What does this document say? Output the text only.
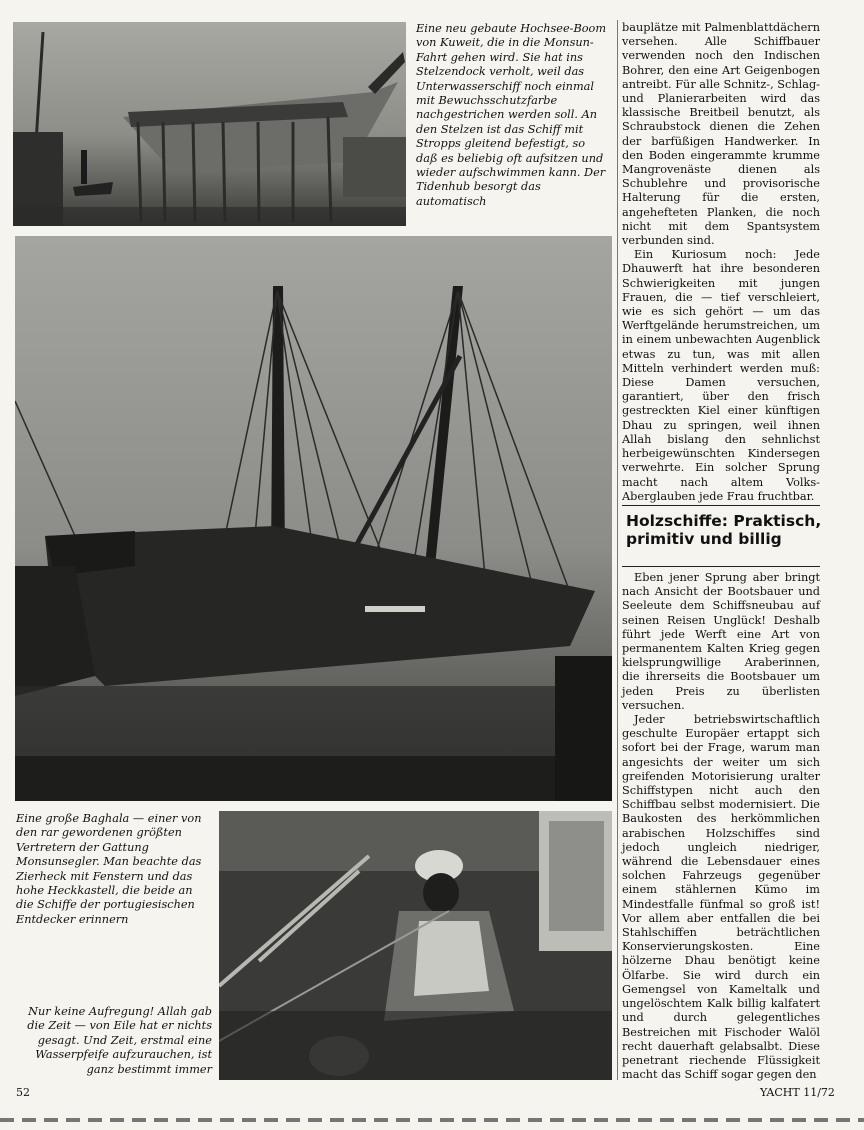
Eine neu gebaute Hochsee-Boom von Kuweit, die in die Monsun-Fahrt gehen wird. Sie hat ins Stelzendock verholt, weil das Unterwasserschiff noch einmal mit Bewuchsschutzfarbe nachgestrichen werden soll. An den Stelzen ist das Schiff mit Stropps gleitend befestigt, so daß es beliebig oft aufsitzen und wieder aufschwimmen kann. Der Tidenhub besorgt das automatisch

Eine große Baghala — einer von den rar gewordenen größten Vertretern der Gattung Monsunsegler. Man beachte das Zierheck mit Fenstern und das hohe Heckkastell, die beide an die Schiffe der portugiesischen Entdecker erinnern

Nur keine Aufregung! Allah gab die Zeit — von Eile hat er nichts gesagt. Und Zeit, erstmal eine Wasserpfeife aufzurauchen, ist ganz bestimmt immer

bauplätze mit Palmenblattdächern versehen. Alle Schiffbauer verwenden noch den Indischen Bohrer, den eine Art Geigenbogen antreibt. Für alle Schnitz-, Schlag- und Planierarbeiten wird das klassische Breitbeil benutzt, als Schraubstock dienen die Zehen der barfüßigen Handwerker. In den Boden eingerammte krumme Mangrovenäste dienen als Schublehre und provisorische Halterung für die ersten, angehefteten Planken, die noch nicht mit dem Spantsystem verbunden sind.

Ein Kuriosum noch: Jede Dhauwerft hat ihre besonderen Schwierigkeiten mit jungen Frauen, die — tief verschleiert, wie es sich gehört — um das Werftgelände herumstreichen, um in einem unbewachten Augenblick etwas zu tun, was mit allen Mitteln verhindert werden muß: Diese Damen versuchen, garantiert, über den frisch gestreckten Kiel einer künftigen Dhau zu springen, weil ihnen Allah bislang den sehnlichst herbeigewünschten Kindersegen verwehrte. Ein solcher Sprung macht nach altem Volks-Aberglauben jede Frau fruchtbar.

Holzschiffe: Praktisch, primitiv und billig

Eben jener Sprung aber bringt nach Ansicht der Bootsbauer und Seeleute dem Schiffsneubau auf seinen Reisen Unglück! Deshalb führt jede Werft eine Art von permanentem Kalten Krieg gegen kielsprungwillige Araberinnen, die ihrerseits die Bootsbauer um jeden Preis zu überlisten versuchen.

Jeder betriebswirtschaftlich geschulte Europäer ertappt sich sofort bei der Frage, warum man angesichts der weiter um sich greifenden Motorisierung uralter Schiffstypen nicht auch den Schiffbau selbst modernisiert. Die Baukosten des herkömmlichen arabischen Holzschiffes sind jedoch ungleich niedriger, während die Lebensdauer eines solchen Fahrzeugs gegenüber einem stählernen Kümo im Mindestfalle fünfmal so groß ist! Vor allem aber entfallen die bei Stahlschiffen beträchtlichen Konservierungskosten. Eine hölzerne Dhau benötigt keine Ölfarbe. Sie wird durch ein Gemengsel von Kameltalk und ungelöschtem Kalk billig kalfatert und durch gelegentliches Bestreichen mit Fischoder Walöl recht dauerhaft gelabsalbt. Diese penetrant riechende Flüssigkeit macht das Schiff sogar gegen den

52	YACHT 11/72
